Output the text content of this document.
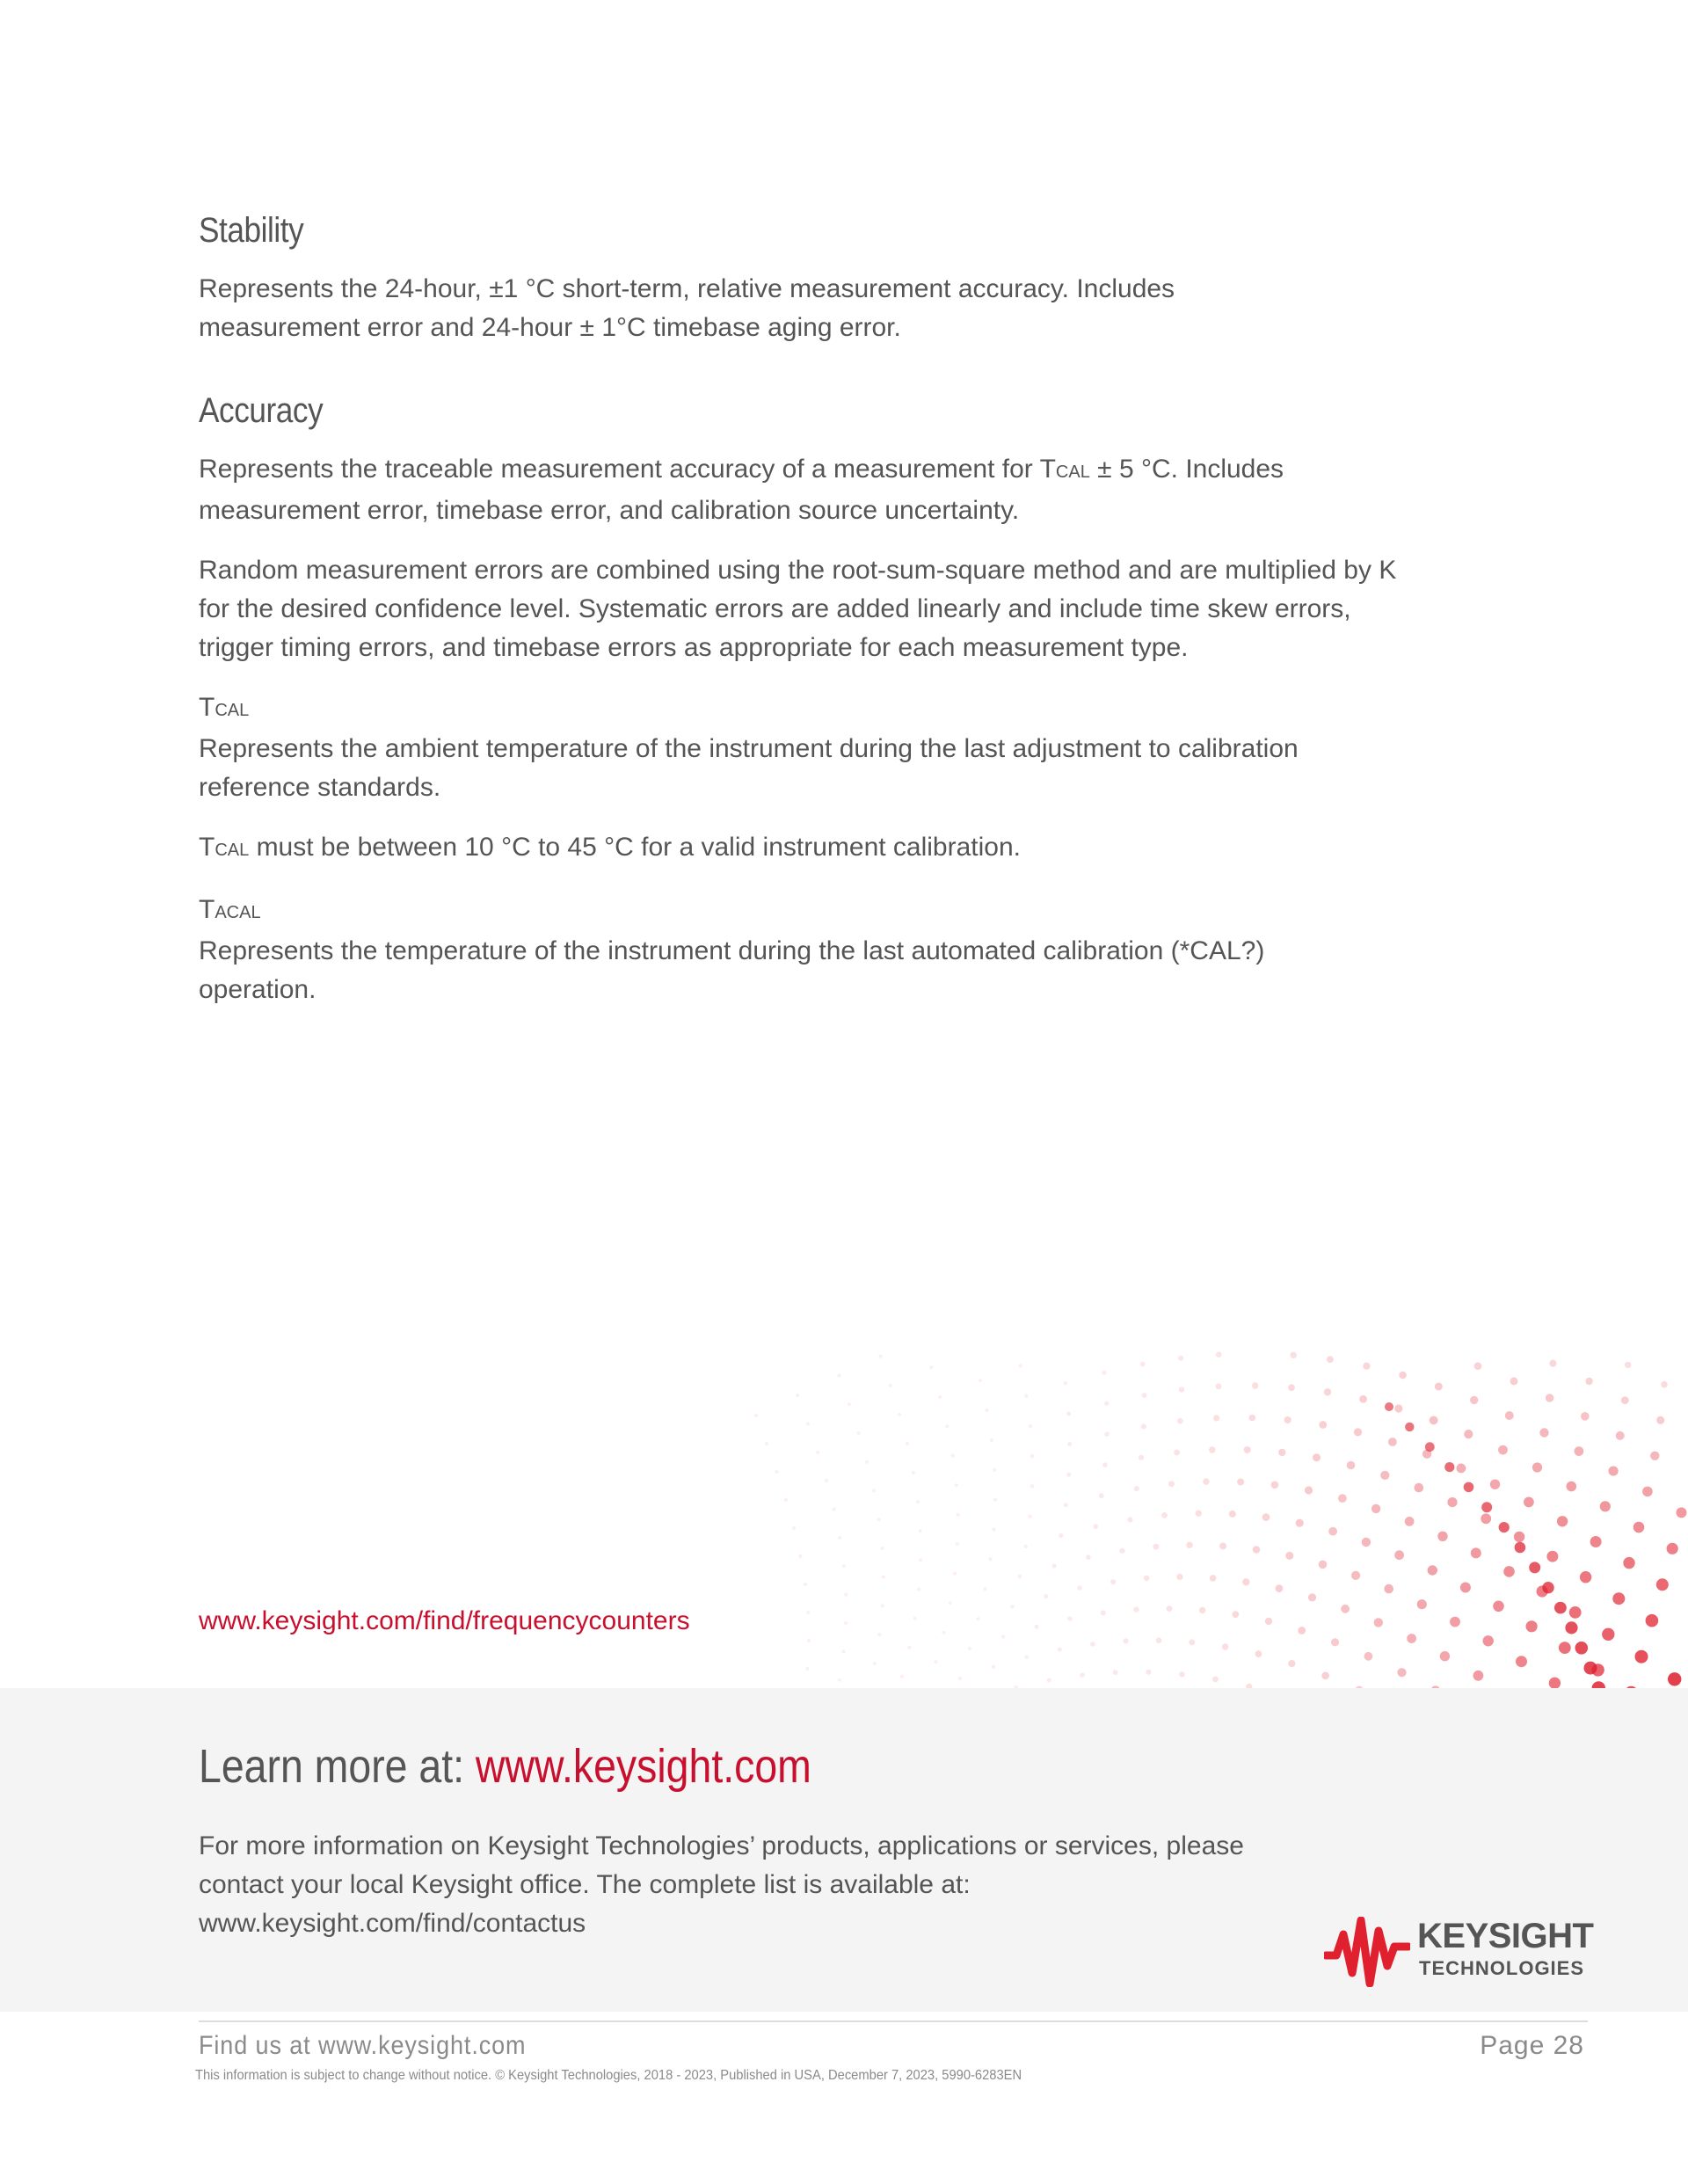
Stability

Represents the 24-hour, ±1 °C short-term, relative measurement accuracy. Includes measurement error and 24-hour ± 1°C timebase aging error.

Accuracy

Represents the traceable measurement accuracy of a measurement for TCAL ± 5 °C. Includes measurement error, timebase error, and calibration source uncertainty.

Random measurement errors are combined using the root-sum-square method and are multiplied by K for the desired confidence level. Systematic errors are added linearly and include time skew errors, trigger timing errors, and timebase errors as appropriate for each measurement type.

TCAL

Represents the ambient temperature of the instrument during the last adjustment to calibration reference standards.

TCAL must be between 10 °C to 45 °C for a valid instrument calibration.

TACAL

Represents the temperature of the instrument during the last automated calibration (*CAL?) operation.

www.keysight.com/find/frequencycounters

Learn more at: www.keysight.com
For more information on Keysight Technologies’ products, applications or services, please contact your local Keysight office. The complete list is available at:
www.keysight.com/find/contactus	KEYSIGHT
TECHNOLOGIES
Find us at www.keysight.com	Page 28
This information is subject to change without notice. © Keysight Technologies, 2018 - 2023, Published in USA, December 7, 2023, 5990-6283EN
